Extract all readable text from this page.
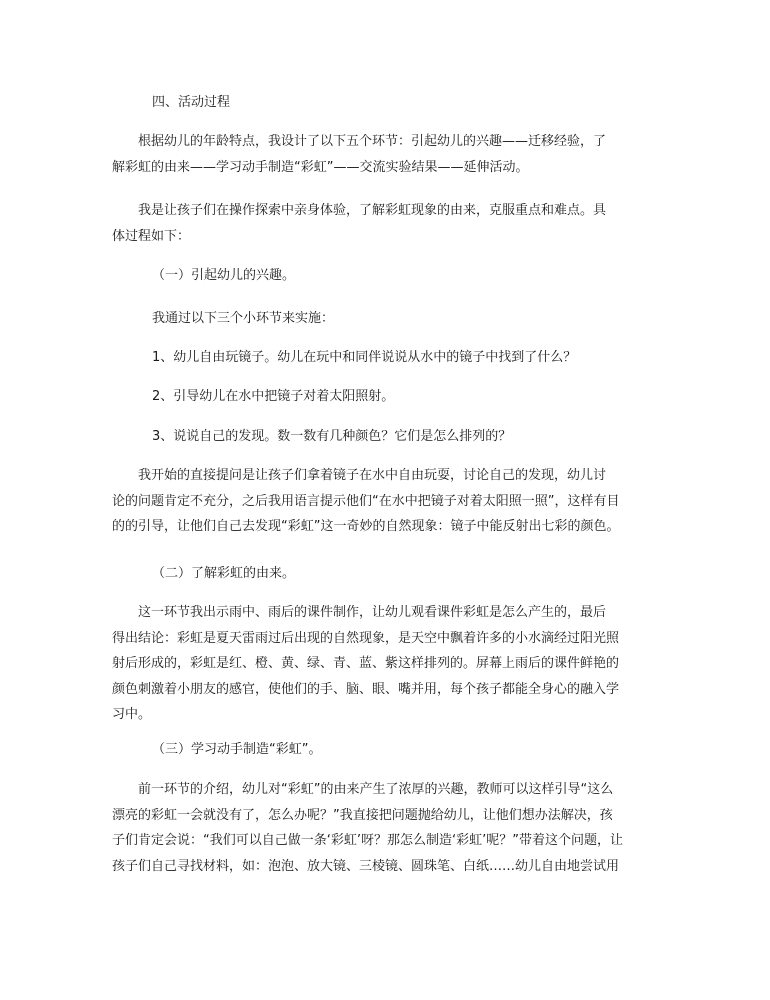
四、活动过程

　　根据幼儿的年龄特点，我设计了以下五个环节：引起幼儿的兴趣——迁移经验，了
解彩虹的由来——学习动手制造“彩虹”——交流实验结果——延伸活动。

　　我是让孩子们在操作探索中亲身体验，了解彩虹现象的由来，克服重点和难点。具
体过程如下：

（一）引起幼儿的兴趣。

我通过以下三个小环节来实施：

1、幼儿自由玩镜子。幼儿在玩中和同伴说说从水中的镜子中找到了什么？

2、引导幼儿在水中把镜子对着太阳照射。

3、说说自己的发现。数一数有几种颜色？它们是怎么排列的？

　　我开始的直接提问是让孩子们拿着镜子在水中自由玩耍，讨论自己的发现，幼儿讨
论的问题肯定不充分，之后我用语言提示他们“在水中把镜子对着太阳照一照”，这样有目
的的引导，让他们自己去发现“彩虹”这一奇妙的自然现象：镜子中能反射出七彩的颜色。

（二）了解彩虹的由来。

　　这一环节我出示雨中、雨后的课件制作，让幼儿观看课件彩虹是怎么产生的，最后
得出结论：彩虹是夏天雷雨过后出现的自然现象，是天空中飘着许多的小水滴经过阳光照
射后形成的，彩虹是红、橙、黄、绿、青、蓝、紫这样排列的。屏幕上雨后的课件鲜艳的
颜色刺激着小朋友的感官，使他们的手、脑、眼、嘴并用，每个孩子都能全身心的融入学
习中。

（三）学习动手制造“彩虹”。

　　前一环节的介绍，幼儿对“彩虹”的由来产生了浓厚的兴趣，教师可以这样引导“这么
漂亮的彩虹一会就没有了，怎么办呢？”我直接把问题抛给幼儿，让他们想办法解决，孩
子们肯定会说：“我们可以自己做一条‘彩虹’呀？那怎么制造‘彩虹’呢？”带着这个问题，让
孩子们自己寻找材料，如：泡泡、放大镜、三棱镜、圆珠笔、白纸……幼儿自由地尝试用
